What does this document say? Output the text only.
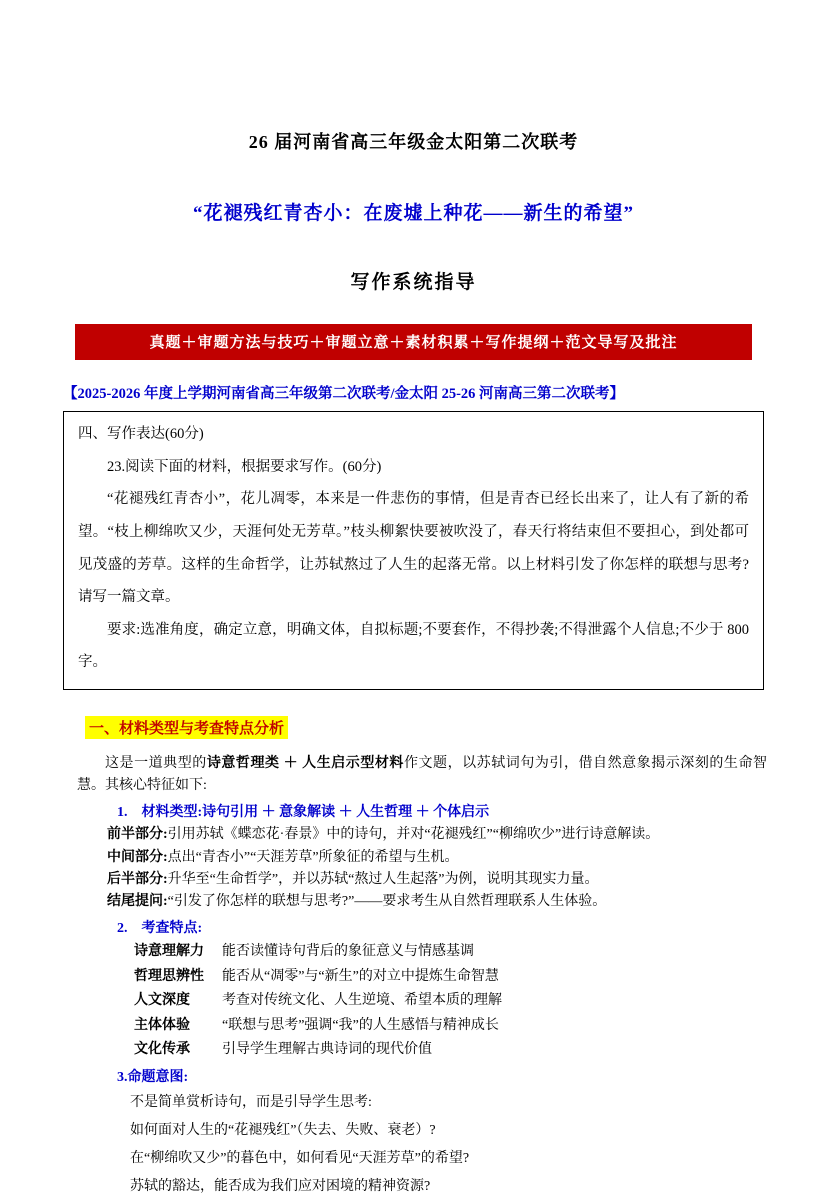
26 届河南省高三年级金太阳第二次联考
“花褪残红青杏小：在废墟上种花——新生的希望”
写作系统指导
真题＋审题方法与技巧＋审题立意＋素材积累＋写作提纲＋范文导写及批注
【2025-2026 年度上学期河南省高三年级第二次联考/金太阳 25-26 河南高三第二次联考】

四、写作表达(60分)

23.阅读下面的材料，根据要求写作。(60分)

“花褪残红青杏小”，花儿凋零，本来是一件悲伤的事情，但是青杏已经长出来了，让人有了新的希望。“枝上柳绵吹又少，天涯何处无芳草。”枝头柳絮快要被吹没了，春天行将结束但不要担心，到处都可见茂盛的芳草。这样的生命哲学，让苏轼熬过了人生的起落无常。以上材料引发了你怎样的联想与思考?请写一篇文章。

要求:选准角度，确定立意，明确文体，自拟标题;不要套作，不得抄袭;不得泄露个人信息;不少于 800字。

一、材料类型与考查特点分析

这是一道典型的诗意哲理类 ＋ 人生启示型材料作文题，以苏轼词句为引，借自然意象揭示深刻的生命智慧。其核心特征如下:

1.　材料类型:诗句引用 ＋ 意象解读 ＋ 人生哲理 ＋ 个体启示

前半部分:引用苏轼《蝶恋花·春景》中的诗句，并对“花褪残红”“柳绵吹少”进行诗意解读。

中间部分:点出“青杏小”“天涯芳草”所象征的希望与生机。

后半部分:升华至“生命哲学”，并以苏轼“熬过人生起落”为例，说明其现实力量。

结尾提问:“引发了你怎样的联想与思考?”——要求考生从自然哲理联系人生体验。

2.　考查特点:

诗意理解力	能否读懂诗句背后的象征意义与情感基调
哲理思辨性	能否从“凋零”与“新生”的对立中提炼生命智慧
人文深度	考查对传统文化、人生逆境、希望本质的理解
主体体验	“联想与思考”强调“我”的人生感悟与精神成长
文化传承	引导学生理解古典诗词的现代价值

3.命题意图:

不是简单赏析诗句，而是引导学生思考:

如何面对人生的“花褪残红”（失去、失败、衰老）?

在“柳绵吹又少”的暮色中，如何看见“天涯芳草”的希望?

苏轼的豁达，能否成为我们应对困境的精神资源?
